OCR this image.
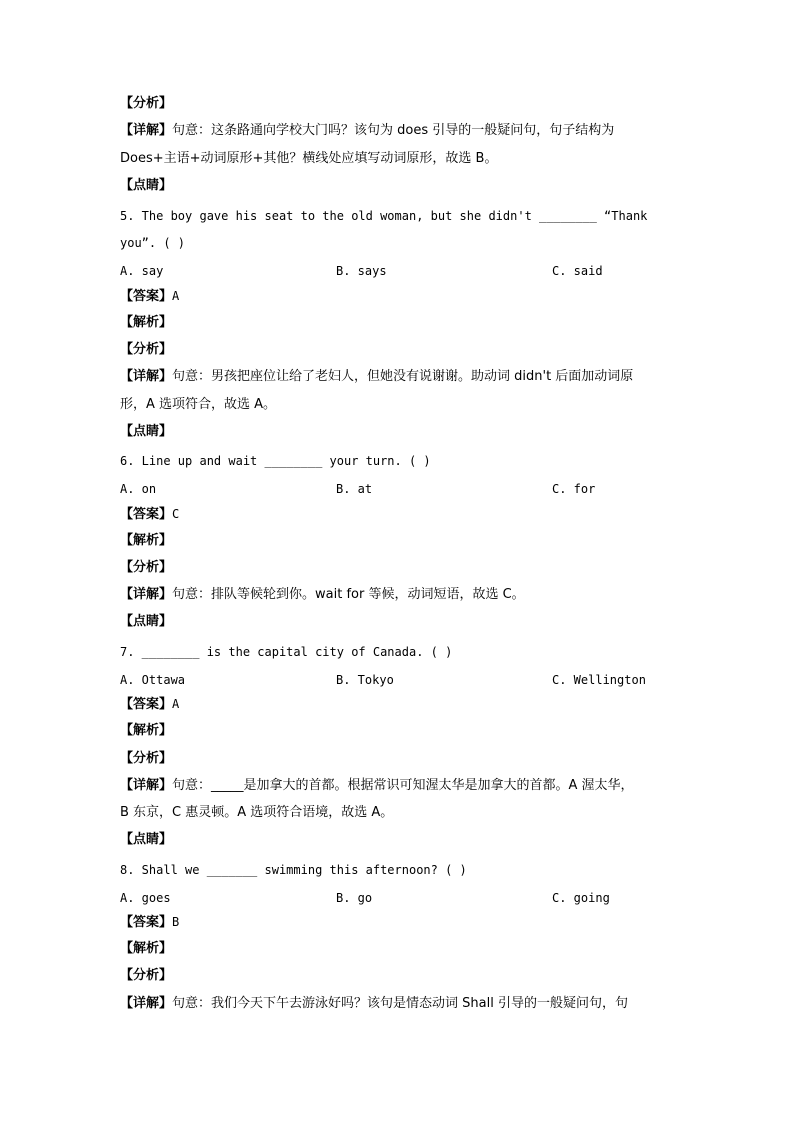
【分析】
【详解】句意：这条路通向学校大门吗？该句为 does 引导的一般疑问句，句子结构为
Does+主语+动词原形+其他？横线处应填写动词原形，故选 B。
【点睛】
5. The boy gave his seat to the old woman, but she didn't ________ “Thank
you”. ( )
A. say	B. says	C. said
【答案】A
【解析】
【分析】
【详解】句意：男孩把座位让给了老妇人，但她没有说谢谢。助动词 didn't 后面加动词原
形，A 选项符合，故选 A。
【点睛】
6. Line up and wait ________ your turn. ( )
A. on	B. at	C. for
【答案】C
【解析】
【分析】
【详解】句意：排队等候轮到你。wait for 等候，动词短语，故选 C。
【点睛】
7. ________ is the capital city of Canada. ( )
A. Ottawa	B. Tokyo	C. Wellington
【答案】A
【解析】
【分析】
【详解】句意：_____是加拿大的首都。根据常识可知渥太华是加拿大的首都。A 渥太华，
B 东京，C 惠灵顿。A 选项符合语境，故选 A。
【点睛】
8. Shall we _______ swimming this afternoon? ( )
A. goes	B. go	C. going
【答案】B
【解析】
【分析】
【详解】句意：我们今天下午去游泳好吗？该句是情态动词 Shall 引导的一般疑问句，句
